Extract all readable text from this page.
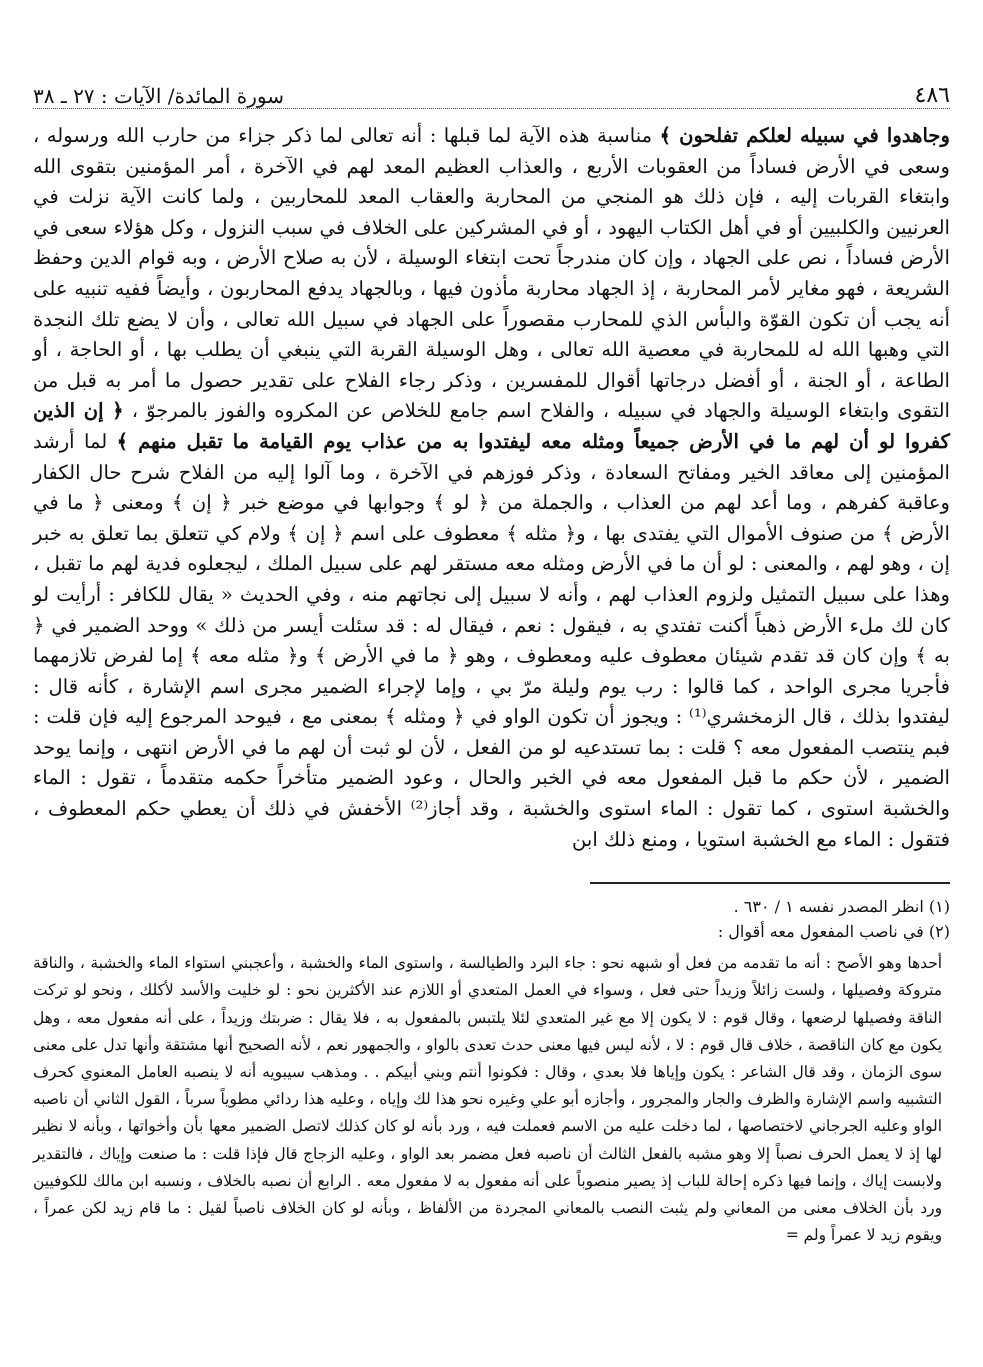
٤٨٦
سورة المائدة/ الآيات : ٢٧ ـ ٣٨

وجاهدوا في سبيله لعلكم تفلحون ﴾ مناسبة هذه الآية لما قبلها : أنه تعالى لما ذكر جزاء من حارب الله ورسوله ، وسعى في الأرض فساداً من العقوبات الأربع ، والعذاب العظيم المعد لهم في الآخرة ، أمر المؤمنين بتقوى الله وابتغاء القربات إليه ، فإن ذلك هو المنجي من المحاربة والعقاب المعد للمحاربين ، ولما كانت الآية نزلت في العرنيين والكلبيين أو في أهل الكتاب اليهود ، أو في المشركين على الخلاف في سبب النزول ، وكل هؤلاء سعى في الأرض فساداً ، نص على الجهاد ، وإن كان مندرجاً تحت ابتغاء الوسيلة ، لأن به صلاح الأرض ، وبه قوام الدين وحفظ الشريعة ، فهو مغاير لأمر المحاربة ، إذ الجهاد محاربة مأذون فيها ، وبالجهاد يدفع المحاربون ، وأيضاً ففيه تنبيه على أنه يجب أن تكون القوّة والبأس الذي للمحارب مقصوراً على الجهاد في سبيل الله تعالى ، وأن لا يضع تلك النجدة التي وهبها الله له للمحاربة في معصية الله تعالى ، وهل الوسيلة القربة التي ينبغي أن يطلب بها ، أو الحاجة ، أو الطاعة ، أو الجنة ، أو أفضل درجاتها أقوال للمفسرين ، وذكر رجاء الفلاح على تقدير حصول ما أمر به قبل من التقوى وابتغاء الوسيلة والجهاد في سبيله ، والفلاح اسم جامع للخلاص عن المكروه والفوز بالمرجوّ ، ﴿ إن الذين كفروا لو أن لهم ما في الأرض جميعاً ومثله معه ليفتدوا به من عذاب يوم القيامة ما تقبل منهم ﴾ لما أرشد المؤمنين إلى معاقد الخير ومفاتح السعادة ، وذكر فوزهم في الآخرة ، وما آلوا إليه من الفلاح شرح حال الكفار وعاقبة كفرهم ، وما أعد لهم من العذاب ، والجملة من ﴿ لو ﴾ وجوابها في موضع خبر ﴿ إن ﴾ ومعنى ﴿ ما في الأرض ﴾ من صنوف الأموال التي يفتدى بها ، و﴿ مثله ﴾ معطوف على اسم ﴿ إن ﴾ ولام كي تتعلق بما تعلق به خبر إن ، وهو لهم ، والمعنى : لو أن ما في الأرض ومثله معه مستقر لهم على سبيل الملك ، ليجعلوه فدية لهم ما تقبل ، وهذا على سبيل التمثيل ولزوم العذاب لهم ، وأنه لا سبيل إلى نجاتهم منه ، وفي الحديث « يقال للكافر : أرأيت لو كان لك ملء الأرض ذهباً أكنت تفتدي به ، فيقول : نعم ، فيقال له : قد سئلت أيسر من ذلك » ووحد الضمير في ﴿ به ﴾ وإن كان قد تقدم شيئان معطوف عليه ومعطوف ، وهو ﴿ ما في الأرض ﴾ و﴿ مثله معه ﴾ إما لفرض تلازمهما فأجريا مجرى الواحد ، كما قالوا : رب يوم وليلة مرّ بي ، وإما لإجراء الضمير مجرى اسم الإشارة ، كأنه قال : ليفتدوا بذلك ، قال الزمخشري⁽¹⁾ : ويجوز أن تكون الواو في ﴿ ومثله ﴾ بمعنى مع ، فيوحد المرجوع إليه فإن قلت : فبم ينتصب المفعول معه ؟ قلت : بما تستدعيه لو من الفعل ، لأن لو ثبت أن لهم ما في الأرض انتهى ، وإنما يوحد الضمير ، لأن حكم ما قبل المفعول معه في الخبر والحال ، وعود الضمير متأخراً حكمه متقدماً ، تقول : الماء والخشبة استوى ، كما تقول : الماء استوى والخشبة ، وقد أجاز⁽²⁾ الأخفش في ذلك أن يعطي حكم المعطوف ، فتقول : الماء مع الخشبة استويا ، ومنع ذلك ابن

(١) انظر المصدر نفسه ١ / ٦٣٠ .

(٢) في ناصب المفعول معه أقوال :

أحدها وهو الأصح : أنه ما تقدمه من فعل أو شبهه نحو : جاء البرد والطيالسة ، واستوى الماء والخشبة ، وأعجبني استواء الماء والخشبة ، والناقة متروكة وفصيلها ، ولست زائلاً وزيداً حتى فعل ، وسواء في العمل المتعدي أو اللازم عند الأكثرين نحو : لو خليت والأسد لأكلك ، ونحو لو تركت الناقة وفصيلها لرضعها ، وقال قوم : لا يكون إلا مع غير المتعدي لئلا يلتبس بالمفعول به ، فلا يقال : ضربتك وزيداً ، على أنه مفعول معه ، وهل يكون مع كان الناقصة ، خلاف قال قوم : لا ، لأنه ليس فيها معنى حدث تعدى بالواو ، والجمهور نعم ، لأنه الصحيح أنها مشتقة وأنها تدل على معنى سوى الزمان ، وقد قال الشاعر : يكون وإياها فلا بعدي ، وقال : فكونوا أنتم وبني أبيكم . . ومذهب سيبويه أنه لا ينصبه العامل المعنوي كحرف التشبيه واسم الإشارة والظرف والجار والمجرور ، وأجازه أبو علي وغيره نحو هذا لك وإياه ، وعليه هذا ردائي مطوياً سرباً ، القول الثاني أن ناصبه الواو وعليه الجرجاني لاختصاصها ، لما دخلت عليه من الاسم فعملت فيه ، ورد بأنه لو كان كذلك لاتصل الضمير معها بأن وأخواتها ، وبأنه لا نظير لها إذ لا يعمل الحرف نصباً إلا وهو مشبه بالفعل الثالث أن ناصبه فعل مضمر بعد الواو ، وعليه الزجاج قال فإذا قلت : ما صنعت وإياك ، فالتقدير ولابست إياك ، وإنما فيها ذكره إحالة للباب إذ يصير منصوباً على أنه مفعول به لا مفعول معه . الرابع أن نصبه بالخلاف ، ونسبه ابن مالك للكوفيين ورد بأن الخلاف معنى من المعاني ولم يثبت النصب بالمعاني المجردة من الألفاظ ، وبأنه لو كان الخلاف ناصباً لقيل : ما قام زيد لكن عمراً ، ويقوم زيد لا عمراً ولم =
